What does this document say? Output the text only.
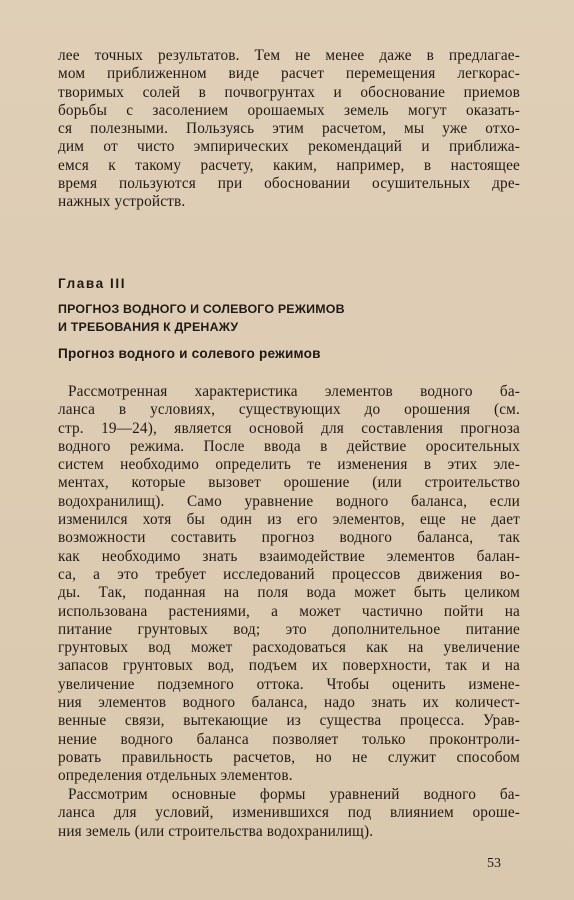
лее точных результатов. Тем не менее даже в предлагае-
мом приближенном виде расчет перемещения легкорас-
творимых солей в почвогрунтах и обоснование приемов
борьбы с засолением орошаемых земель могут оказать-
ся полезными. Пользуясь этим расчетом, мы уже отхо-
дим от чисто эмпирических рекомендаций и приближа-
емся к такому расчету, каким, например, в настоящее
время пользуются при обосновании осушительных дре-
нажных устройств.

Глава III

ПРОГНОЗ ВОДНОГО И СОЛЕВОГО РЕЖИМОВ
И ТРЕБОВАНИЯ К ДРЕНАЖУ

Прогноз водного и солевого режимов

Рассмотренная характеристика элементов водного ба-
ланса в условиях, существующих до орошения (см.
стр. 19—24), является основой для составления прогноза
водного режима. После ввода в действие оросительных
систем необходимо определить те изменения в этих эле-
ментах, которые вызовет орошение (или строительство
водохранилищ). Само уравнение водного баланса, если
изменился хотя бы один из его элементов, еще не дает
возможности составить прогноз водного баланса, так
как необходимо знать взаимодействие элементов балан-
са, а это требует исследований процессов движения во-
ды. Так, поданная на поля вода может быть целиком
использована растениями, а может частично пойти на
питание грунтовых вод; это дополнительное питание
грунтовых вод может расходоваться как на увеличение
запасов грунтовых вод, подъем их поверхности, так и на
увеличение подземного оттока. Чтобы оценить измене-
ния элементов водного баланса, надо знать их количест-
венные связи, вытекающие из существа процесса. Урав-
нение водного баланса позволяет только проконтроли-
ровать правильность расчетов, но не служит способом
определения отдельных элементов.
Рассмотрим основные формы уравнений водного ба-
ланса для условий, изменившихся под влиянием ороше-
ния земель (или строительства водохранилищ).

53
